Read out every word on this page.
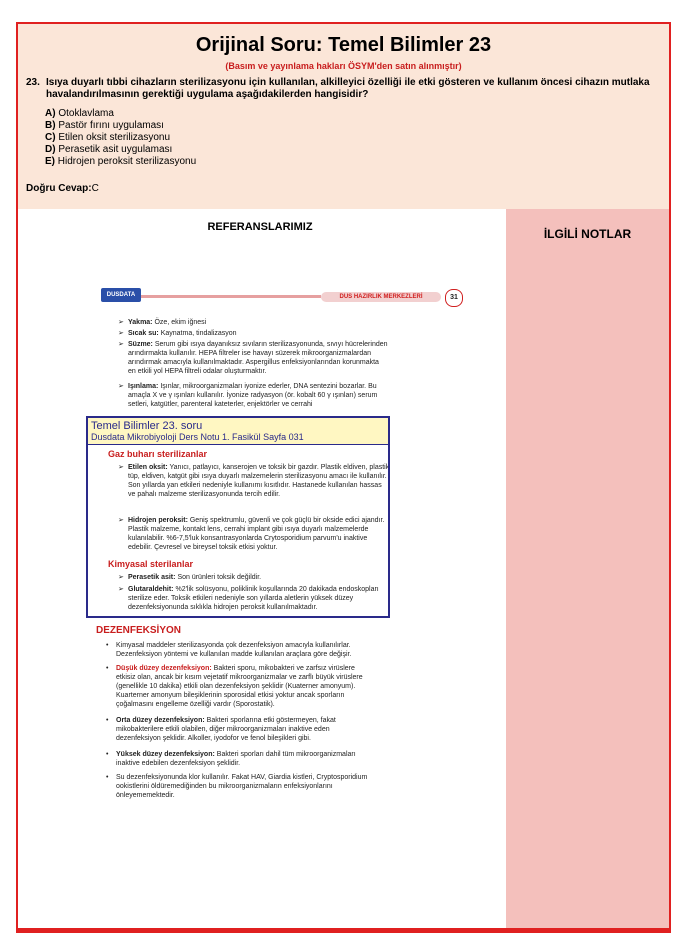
Orijinal Soru: Temel Bilimler 23
(Basım ve yayınlama hakları ÖSYM'den satın alınmıştır)
23. Isıya duyarlı tıbbi cihazların sterilizasyonu için kullanılan, alkilleyici özelliği ile etki gösteren ve kullanım öncesi cihazın mutlaka havalandırılmasının gerektiği uygulama aşağıdakilerden hangisidir?
A) Otoklavlama
B) Pastör fırını uygulaması
C) Etilen oksit sterilizasyonu
D) Perasetik asit uygulaması
E) Hidrojen peroksit sterilizasyonu
Doğru Cevap:C
REFERANSLARIMIZ	İLGİLİ NOTLAR
DUSDATA	DUS HAZIRLIK MERKEZLERİ	31
➢ Yakma: Öze, ekim iğnesi
➢ Sıcak su: Kaynatma, tindalizasyon
➢ Süzme: Serum gibi ısıya dayanıksız sıvıların sterilizasyonunda, sıvıyı hücrelerinden arındırmakta kullanılır. HEPA filtreler ise havayı süzerek mikroorganizmalardan arındırmak amacıyla kullanılmaktadır. Aspergillus enfeksiyonlarından korunmakta en etkili yol HEPA filtreli odalar oluşturmaktır.
➢ Işınlama: Işınlar, mikroorganizmaları iyonize ederler, DNA sentezini bozarlar. Bu amaçla X ve γ ışınları kullanılır. İyonize radyasyon (ör. kobalt 60 γ ışınları) serum setleri, katgütler, parenteral kateterler, enjektörler ve cerrahi
Gaz buharı sterilizanlar
➢ Etilen oksit: Yanıcı, patlayıcı, kanserojen ve toksik bir gazdır. Plastik eldiven, plastik tüp, eldiven, katgüt gibi ısıya duyarlı malzemelerin sterilizasyonu amacı ile kullanılır. Son yıllarda yan etkileri nedeniyle kullanımı kısıtlıdır. Hastanede kullanılan hassas ve pahalı malzeme sterilizasyonunda tercih edilir.
➢ Hidrojen peroksit: Geniş spektrumlu, güvenli ve çok güçlü bir okside edici ajandır. Plastik malzeme, kontakt lens, cerrahi implant gibi ısıya duyarlı malzemelerde kulanılabilir. %6-7,5'luk konsantrasyonlarda Crytosporidium parvum'u inaktive edebilir. Çevresel ve bireysel toksik etkisi yoktur.
Kimyasal sterilanlar
➢ Perasetik asit: Son ürünleri toksik değildir.
➢ Glutaraldehit: %2'lik solüsyonu, poliklinik koşullarında 20 dakikada endoskopları sterilize eder. Toksik etkileri nedeniyle son yıllarda aletlerin yüksek düzey dezenfeksiyonunda sıklıkla hidrojen peroksit kullanılmaktadır.
DEZENFEKSİYON
• Kimyasal maddeler sterilizasyonda çok dezenfeksiyon amacıyla kullanılırlar. Dezenfeksiyon yöntemi ve kullanılan madde kullanılan araçlara göre değişir.
• Düşük düzey dezenfeksiyon: Bakteri sporu, mikobakteri ve zarfsız virüslere etkisiz olan, ancak bir kısım vejetatif mikroorganizmalar ve zarflı büyük virüslere (genellikle 10 dakika) etkili olan dezenfeksiyon şeklidir (Kuaterner amonyum). Kuarterner amonyum bileşiklerinin sporosidal etkisi yoktur ancak sporların çoğalmasını engelleme özelliği vardır (Sporostatik).
• Orta düzey dezenfeksiyon: Bakteri sporlarına etki göstermeyen, fakat mikobakterilere etkili olabilen, diğer mikroorganizmaları inaktive eden dezenfeksiyon şeklidir. Alkoller, iyodofor ve fenol bileşikleri gibi.
• Yüksek düzey dezenfeksiyon: Bakteri sporları dahil tüm mikroorganizmaları inaktive edebilen dezenfeksiyon şeklidir.
• Su dezenfeksiyonunda klor kullanılır. Fakat HAV, Giardia kistleri, Cryptosporidium ookistlerini öldüremediğinden bu mikroorganizmaların enfeksiyonlarını önleyememektedir.
Temel Bilimler 23. soru
Dusdata Mikrobiyoloji Ders Notu 1. Fasikül Sayfa 031
